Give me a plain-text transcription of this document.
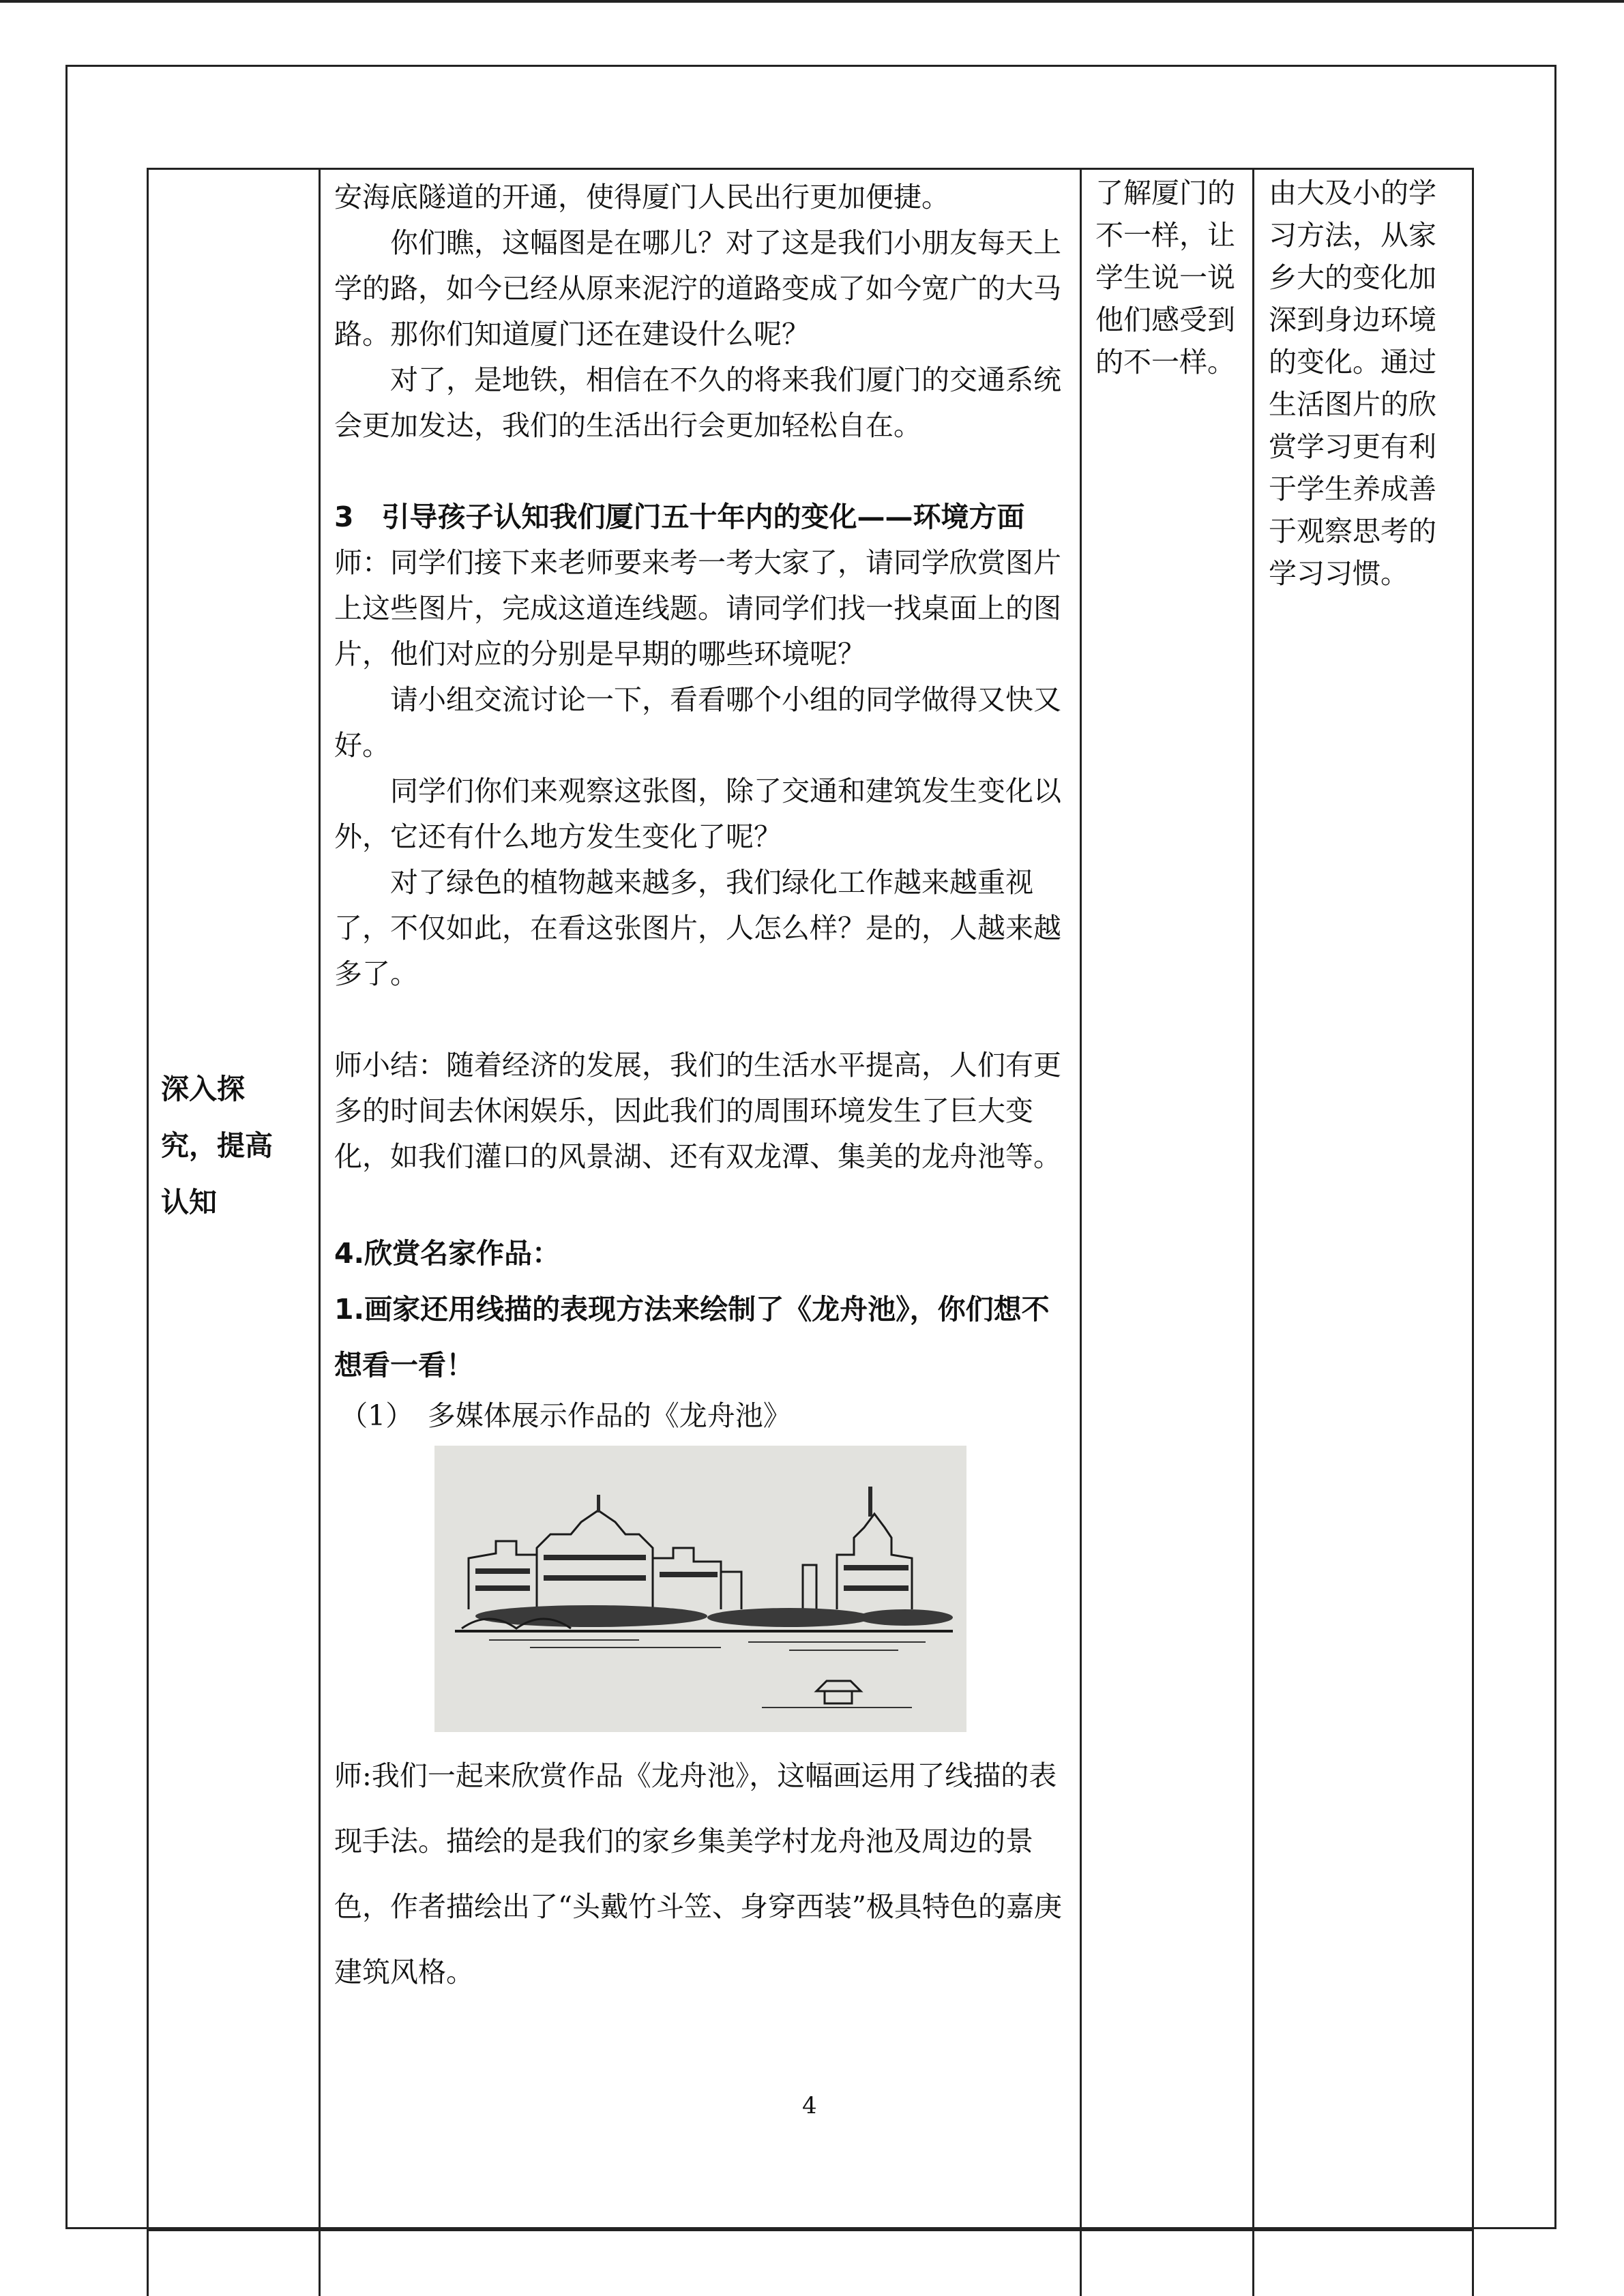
深入探究，提高认知

安海底隧道的开通，使得厦门人民出行更加便捷。

你们瞧，这幅图是在哪儿？对了这是我们小朋友每天上学的路，如今已经从原来泥泞的道路变成了如今宽广的大马路。那你们知道厦门还在建设什么呢？

对了，是地铁，相信在不久的将来我们厦门的交通系统会更加发达，我们的生活出行会更加轻松自在。

3　引导孩子认知我们厦门五十年内的变化——环境方面

师：同学们接下来老师要来考一考大家了，请同学欣赏图片上这些图片，完成这道连线题。请同学们找一找桌面上的图片，他们对应的分别是早期的哪些环境呢？

请小组交流讨论一下，看看哪个小组的同学做得又快又好。

同学们你们来观察这张图，除了交通和建筑发生变化以外，它还有什么地方发生变化了呢？

对了绿色的植物越来越多，我们绿化工作越来越重视了，不仅如此，在看这张图片，人怎么样？是的，人越来越多了。

师小结：随着经济的发展，我们的生活水平提高，人们有更多的时间去休闲娱乐，因此我们的周围环境发生了巨大变化，如我们灌口的风景湖、还有双龙潭、集美的龙舟池等。

4.欣赏名家作品：

1.画家还用线描的表现方法来绘制了《龙舟池》，你们想不想看一看！

（1）　多媒体展示作品的《龙舟池》

师:我们一起来欣赏作品《龙舟池》，这幅画运用了线描的表现手法。描绘的是我们的家乡集美学村龙舟池及周边的景色，作者描绘出了“头戴竹斗笠、身穿西装”极具特色的嘉庚建筑风格。

了解厦门的不一样，让学生说一说他们感受到的不一样。
由大及小的学习方法，从家乡大的变化加深到身边环境的变化。通过生活图片的欣赏学习更有利于学生养成善于观察思考的学习习惯。
4
